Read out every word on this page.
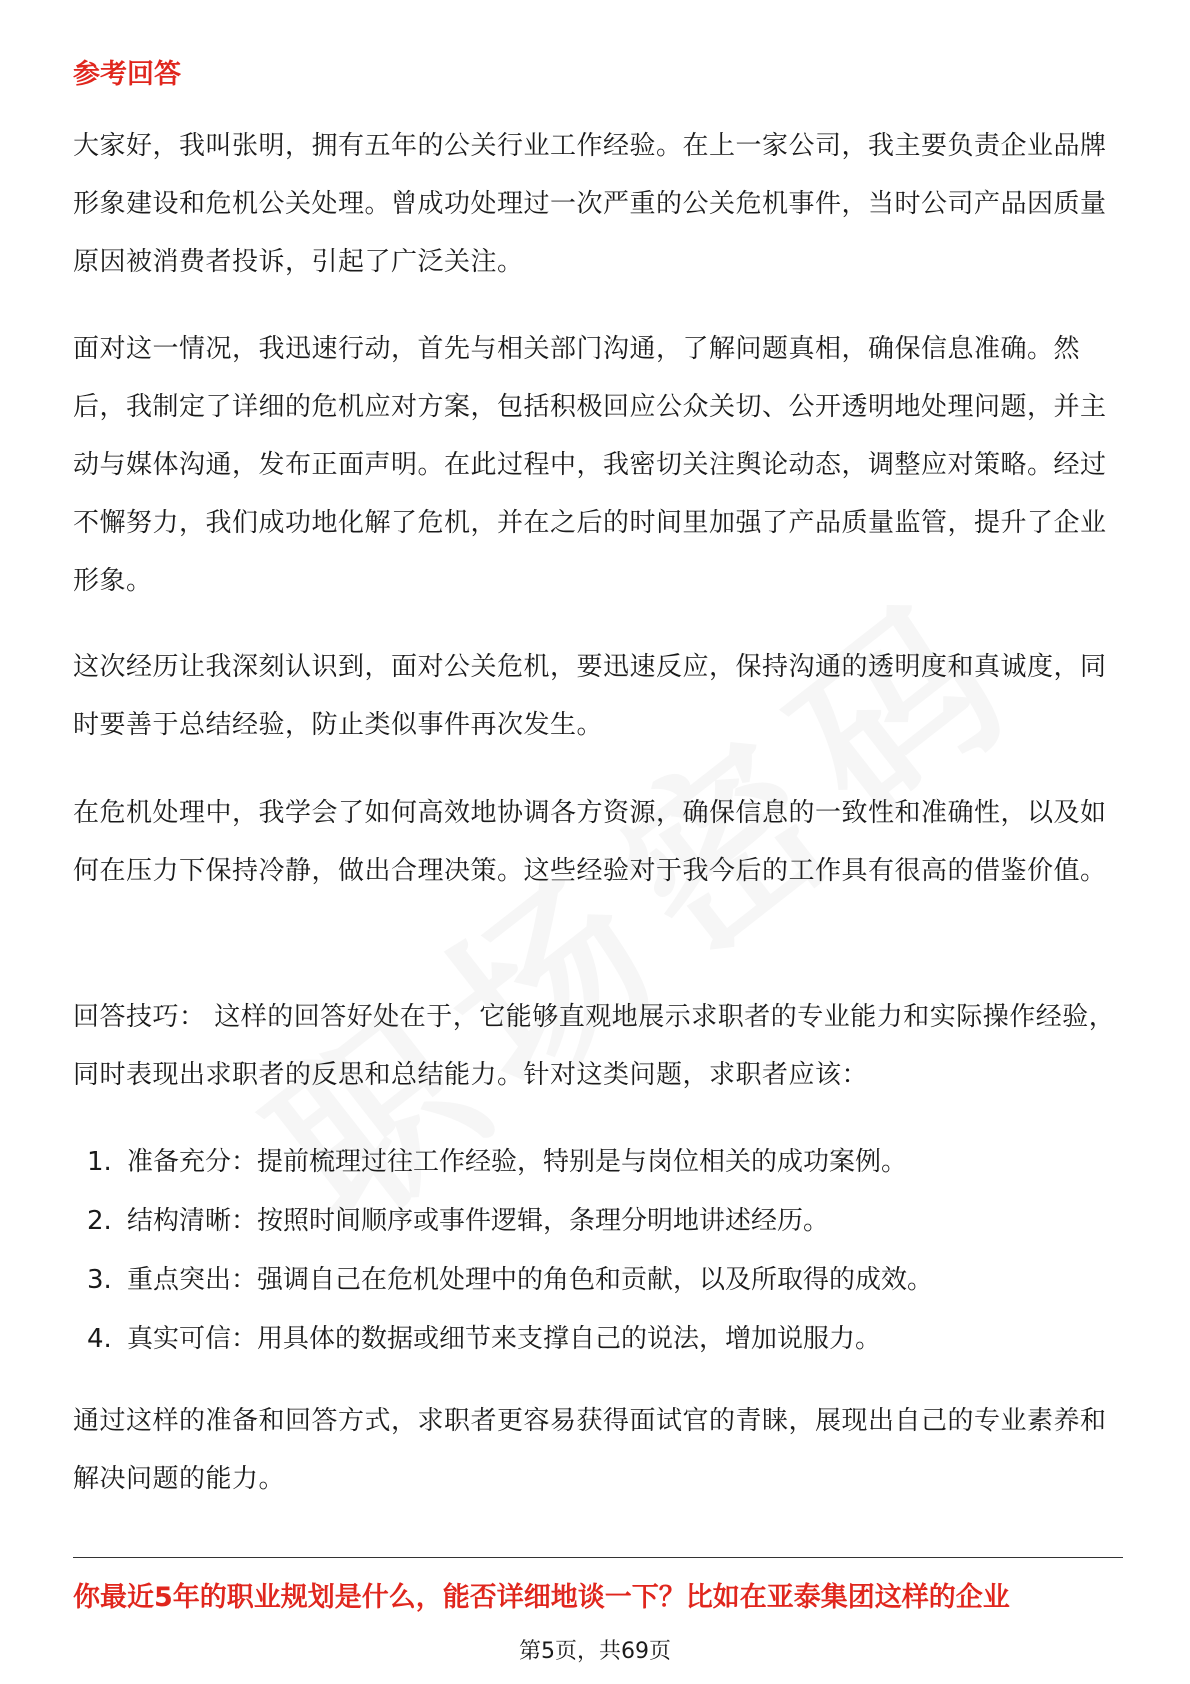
参考回答

大家好，我叫张明，拥有五年的公关行业工作经验。在上一家公司，我主要负责企业品牌形象建设和危机公关处理。曾成功处理过一次严重的公关危机事件，当时公司产品因质量原因被消费者投诉，引起了广泛关注。

面对这一情况，我迅速行动，首先与相关部门沟通，了解问题真相，确保信息准确。然后，我制定了详细的危机应对方案，包括积极回应公众关切、公开透明地处理问题，并主动与媒体沟通，发布正面声明。在此过程中，我密切关注舆论动态，调整应对策略。经过不懈努力，我们成功地化解了危机，并在之后的时间里加强了产品质量监管，提升了企业形象。

这次经历让我深刻认识到，面对公关危机，要迅速反应，保持沟通的透明度和真诚度，同时要善于总结经验，防止类似事件再次发生。

在危机处理中，我学会了如何高效地协调各方资源，确保信息的一致性和准确性，以及如何在压力下保持冷静，做出合理决策。这些经验对于我今后的工作具有很高的借鉴价值。

回答技巧： 这样的回答好处在于，它能够直观地展示求职者的专业能力和实际操作经验，同时表现出求职者的反思和总结能力。针对这类问题，求职者应该：

1. 准备充分：提前梳理过往工作经验，特别是与岗位相关的成功案例。
2. 结构清晰：按照时间顺序或事件逻辑，条理分明地讲述经历。
3. 重点突出：强调自己在危机处理中的角色和贡献，以及所取得的成效。
4. 真实可信：用具体的数据或细节来支撑自己的说法，增加说服力。

通过这样的准备和回答方式，求职者更容易获得面试官的青睐，展现出自己的专业素养和解决问题的能力。

你最近5年的职业规划是什么，能否详细地谈一下？比如在亚泰集团这样的企业

第5页，共69页
